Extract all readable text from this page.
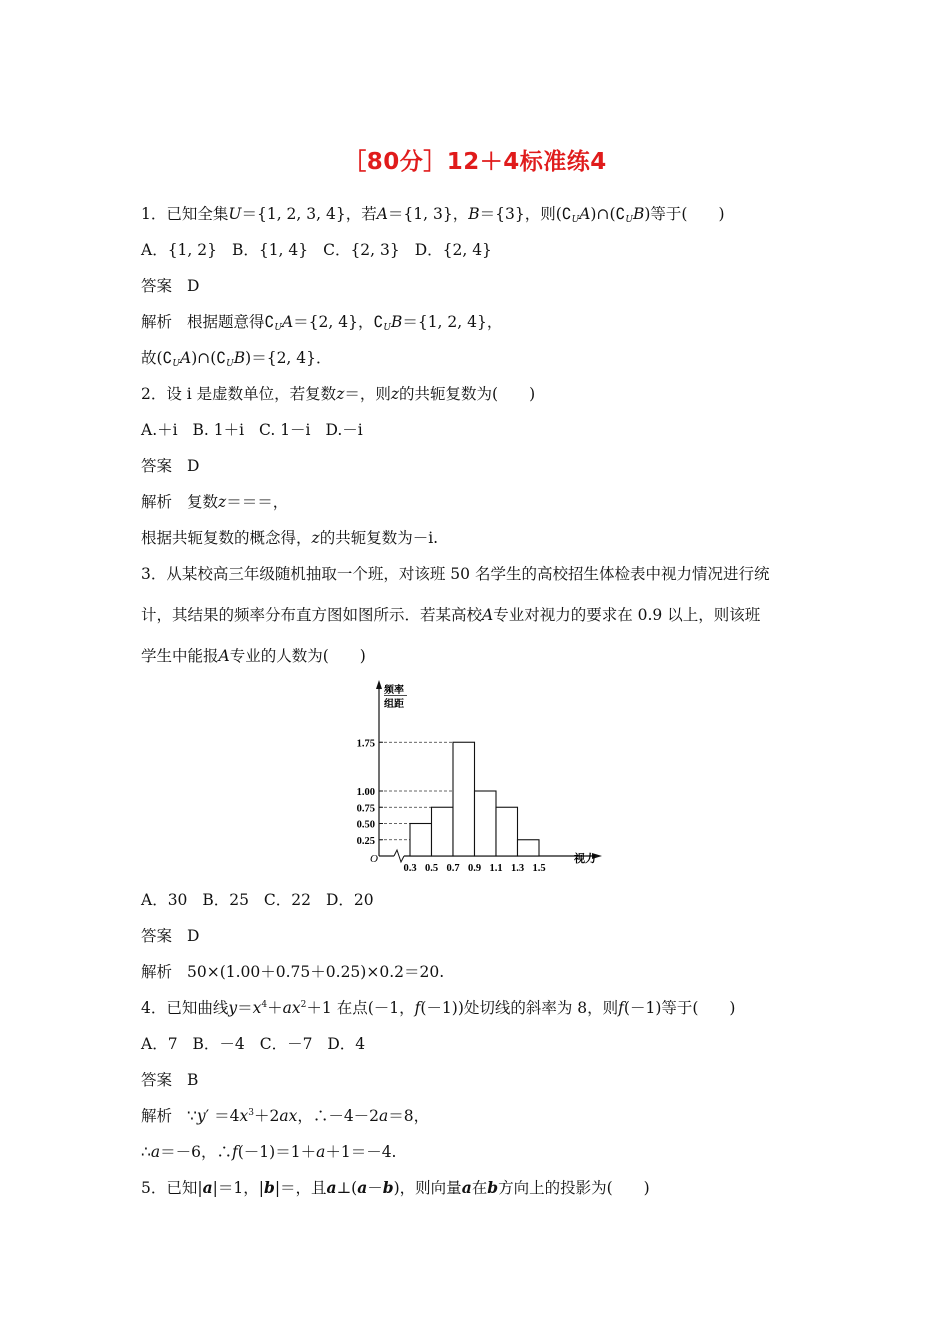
［80分］12＋4标准练4
1．已知全集U＝{1, 2, 3, 4}，若A＝{1, 3}，B＝{3}，则$(∁_UA)\cap(∁_UB)$等于(　　)
A．{1, 2} B．{1, 4} C．{2, 3} D．{2, 4}
答案 D
解析 根据题意得$∁_UA=\{2$, 4}，$∁_UB=\{1$, 2, 4}，
故$(∁_UA)\cap(∁_UB)=\{2$, 4}．
2．设 i 是虚数单位，若复数z＝，则z的共轭复数为(　　)
A.＋i B. 1＋i C. 1－i D.－i
答案 D
解析 复数z＝＝＝，
根据共轭复数的概念得，z的共轭复数为－i.
3．从某校高三年级随机抽取一个班，对该班 50 名学生的高校招生体检表中视力情况进行统
计，其结果的频率分布直方图如图所示．若某高校A专业对视力的要求在 0.9 以上，则该班
学生中能报A专业的人数为(　　)
O
频率
组距
视力
0.25
0.50
0.75
1.00
1.75
0.3 0.5 0.7 0.9 1.1 1.3 1.5
A．30 B．25 C．22 D．20
答案 D
解析 50×(1.00＋0.75＋0.25)×0.2＝20.
4．已知曲线$y=x^4+ax^2+1$ 在点(－1，f(－1))处切线的斜率为 8，则f(－1)等于(　　)
A．7 B．－4 C．－7 D．4
答案 B
解析 ∵y′ $=4x^3+2ax$，∴－4－2a＝8，
∴a＝－6，∴f(－1)＝1＋a＋1＝－4.
5．已知|a|＝1，|b|＝，且a⊥(a－b)，则向量a在b方向上的投影为(　　)
